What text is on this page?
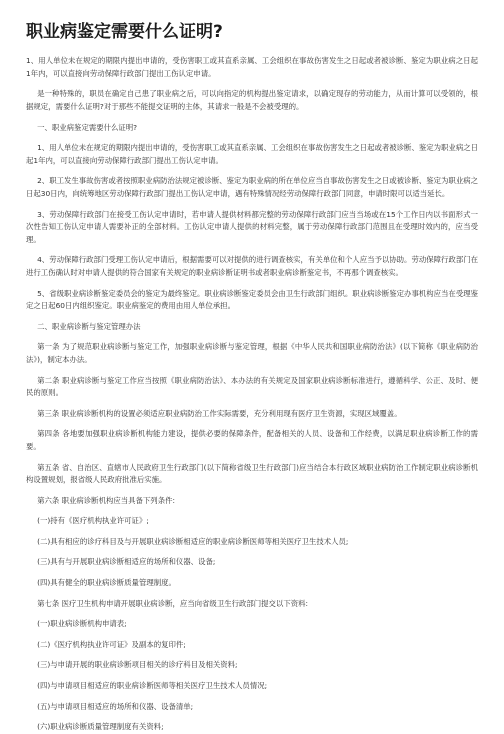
职业病鉴定需要什么证明?

1、用人单位未在规定的期限内提出申请的，受伤害职工或其直系亲属、工会组织在事故伤害发生之日起或者被诊断、鉴定为职业病之日起1年内，可以直接向劳动保障行政部门提出工伤认定申请。

是一种特殊的，职员在确定自己患了职业病之后，可以向指定的机构提出鉴定请求，以确定现存的劳动能力，从而计算可以受领的，根据规定，需要什么证明?对于那些不能提交证明的主体，其请求一般是不会被受理的。

一、职业病鉴定需要什么证明?

1、用人单位未在规定的期限内提出申请的，受伤害职工或其直系亲属、工会组织在事故伤害发生之日起或者被诊断、鉴定为职业病之日起1年内，可以直接向劳动保障行政部门提出工伤认定申请。

2、职工发生事故伤害或者按照职业病防治法规定被诊断、鉴定为职业病的所在单位应当自事故伤害发生之日或被诊断、鉴定为职业病之日起30日内，向统筹地区劳动保障行政部门提出工伤认定申请，遇有特殊情况经劳动保障行政部门同意，申请时限可以适当延长。

3、劳动保障行政部门在接受工伤认定申请时，若申请人提供材料都完整的劳动保障行政部门应当当场或在15个工作日内以书面形式一次性告知工伤认定申请人需要补正的全部材料。工伤认定申请人提供的材料完整，属于劳动保障行政部门范围且在受理时效内的，应当受理。

4、劳动保障行政部门受理工伤认定申请后，根据需要可以对提供的进行调查核实，有关单位和个人应当予以协助。劳动保障行政部门在进行工伤确认时对申请人提供的符合国家有关规定的职业病诊断证明书或者职业病诊断鉴定书，不再那个调查核实。

5、省级职业病诊断鉴定委员会的鉴定为最终鉴定。职业病诊断鉴定委员会由卫生行政部门组织。职业病诊断鉴定办事机构应当在受理鉴定之日起60日内组织鉴定。职业病鉴定的费用由用人单位承担。

二、职业病诊断与鉴定管理办法

第一条 为了规范职业病诊断与鉴定工作，加强职业病诊断与鉴定管理，根据《中华人民共和国职业病防治法》(以下简称《职业病防治法》)，制定本办法。

第二条 职业病诊断与鉴定工作应当按照《职业病防治法》、本办法的有关规定及国家职业病诊断标准进行，遵循科学、公正、及时、便民的原则。

第三条 职业病诊断机构的设置必须适应职业病防治工作实际需要，充分利用现有医疗卫生资源，实现区域覆盖。

第四条 各地要加强职业病诊断机构能力建设，提供必要的保障条件，配备相关的人员、设备和工作经费，以满足职业病诊断工作的需要。

第五条 省、自治区、直辖市人民政府卫生行政部门(以下简称省级卫生行政部门)应当结合本行政区域职业病防治工作制定职业病诊断机构设置规划，报省级人民政府批准后实施。

第六条 职业病诊断机构应当具备下列条件:

(一)持有《医疗机构执业许可证》;

(二)具有相应的诊疗科目及与开展职业病诊断相适应的职业病诊断医师等相关医疗卫生技术人员;

(三)具有与开展职业病诊断相适应的场所和仪器、设备;

(四)具有健全的职业病诊断质量管理制度。

第七条 医疗卫生机构申请开展职业病诊断，应当向省级卫生行政部门提交以下资料:

(一)职业病诊断机构申请表;

(二)《医疗机构执业许可证》及副本的复印件;

(三)与申请开展的职业病诊断项目相关的诊疗科目及相关资料;

(四)与申请项目相适应的职业病诊断医师等相关医疗卫生技术人员情况;

(五)与申请项目相适应的场所和仪器、设备清单;

(六)职业病诊断质量管理制度有关资料;
